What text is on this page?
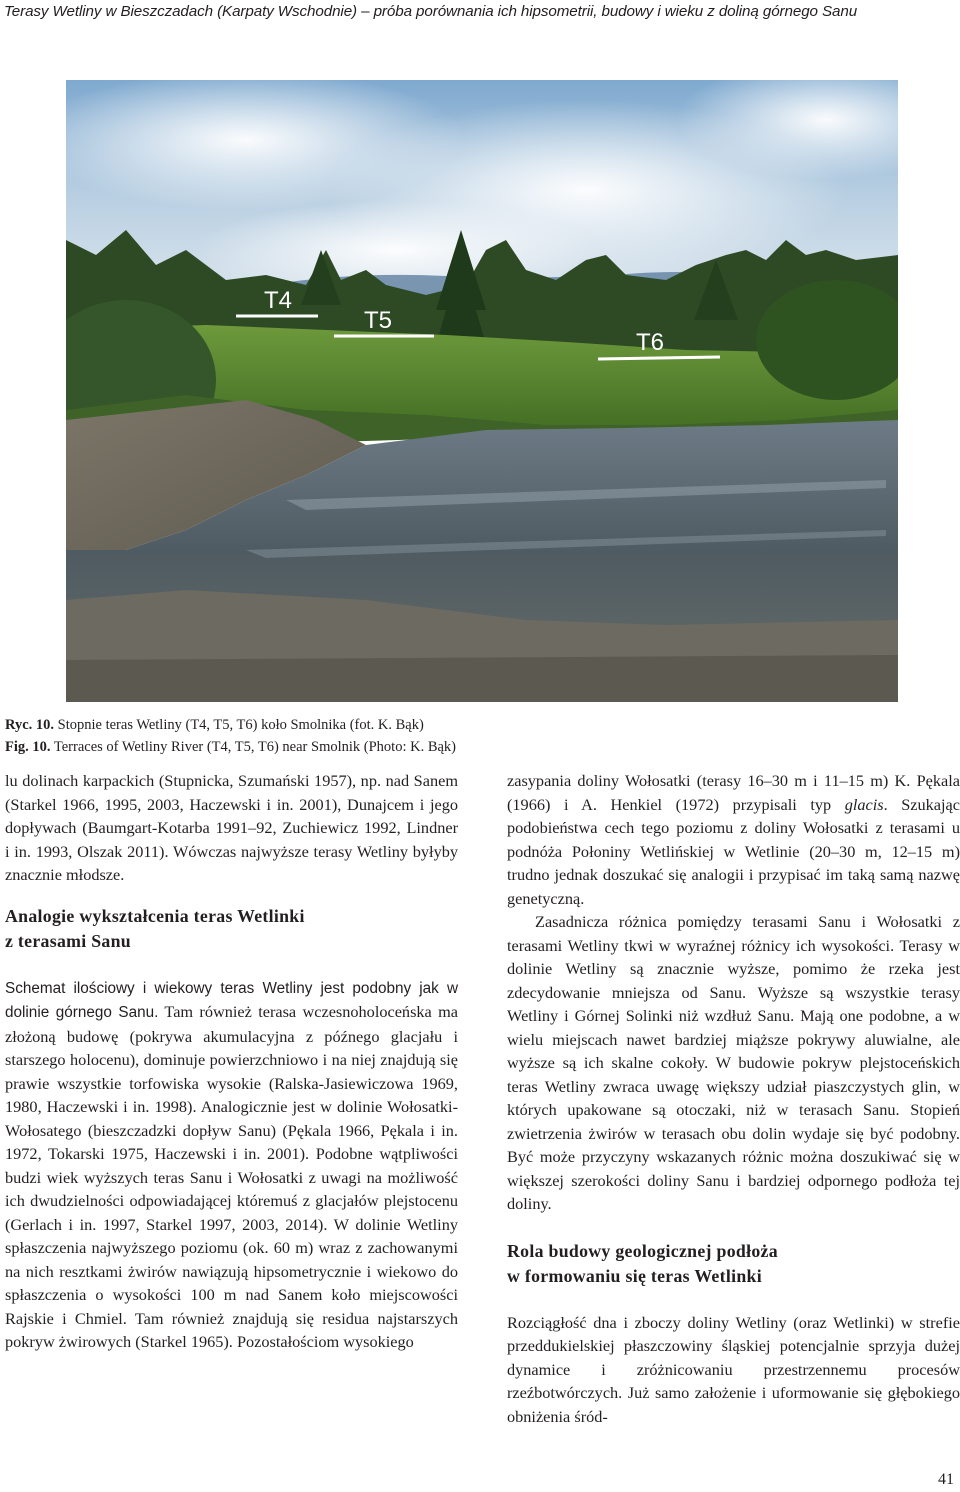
Terasy Wetliny w Bieszczadach (Karpaty Wschodnie) – próba porównania ich hipsometrii, budowy i wieku z doliną górnego Sanu
T4
T5
T6
Ryc. 10. Stopnie teras Wetliny (T4, T5, T6) koło Smolnika (fot. K. Bąk)
Fig. 10. Terraces of Wetliny River (T4, T5, T6) near Smolnik (Photo: K. Bąk)

lu dolinach karpackich (Stupnicka, Szumański 1957), np. nad Sanem (Starkel 1966, 1995, 2003, Haczewski i in. 2001), Dunajcem i jego dopływach (Baumgart-Kotarba 1991–92, Zuchiewicz 1992, Lindner i in. 1993, Olszak 2011). Wówczas najwyższe terasy Wetliny byłyby znacznie młodsze.

Analogie wykształcenia teras Wetlinki
z terasami Sanu

Schemat ilościowy i wiekowy teras Wetliny jest podobny jak w dolinie górnego Sanu. Tam również terasa wczesnoholoceńska ma złożoną budowę (pokrywa akumulacyjna z późnego glacjału i starszego holocenu), dominuje powierzchniowo i na niej znajdują się prawie wszystkie torfowiska wysokie (Ralska-Jasiewiczowa 1969, 1980, Haczewski i in. 1998). Analogicznie jest w dolinie Wołosatki-Wołosatego (bieszczadzki dopływ Sanu) (Pękala 1966, Pękala i in. 1972, Tokarski 1975, Haczewski i in. 2001). Podobne wątpliwości budzi wiek wyższych teras Sanu i Wołosatki z uwagi na możliwość ich dwudzielności odpowiadającej któremuś z glacjałów plejstocenu (Gerlach i in. 1997, Starkel 1997, 2003, 2014). W dolinie Wetliny spłaszczenia najwyższego poziomu (ok. 60 m) wraz z zachowanymi na nich resztkami żwirów nawiązują hipsometrycznie i wiekowo do spłaszczenia o wysokości 100 m nad Sanem koło miejscowości Rajskie i Chmiel. Tam również znajdują się residua najstarszych pokryw żwirowych (Starkel 1965). Pozostałościom wysokiego

zasypania doliny Wołosatki (terasy 16–30 m i 11–15 m) K. Pękala (1966) i A. Henkiel (1972) przypisali typ glacis. Szukając podobieństwa cech tego poziomu z doliny Wołosatki z terasami u podnóża Połoniny Wetlińskiej w Wetlinie (20–30 m, 12–15 m) trudno jednak doszukać się analogii i przypisać im taką samą nazwę genetyczną.

Zasadnicza różnica pomiędzy terasami Sanu i Wołosatki z terasami Wetliny tkwi w wyraźnej różnicy ich wysokości. Terasy w dolinie Wetliny są znacznie wyższe, pomimo że rzeka jest zdecydowanie mniejsza od Sanu. Wyższe są wszystkie terasy Wetliny i Górnej Solinki niż wzdłuż Sanu. Mają one podobne, a w wielu miejscach nawet bardziej miąższe pokrywy aluwialne, ale wyższe są ich skalne cokoły. W budowie pokryw plejstoceńskich teras Wetliny zwraca uwagę większy udział piaszczystych glin, w których upakowane są otoczaki, niż w terasach Sanu. Stopień zwietrzenia żwirów w terasach obu dolin wydaje się być podobny. Być może przyczyny wskazanych różnic można doszukiwać się w większej szerokości doliny Sanu i bardziej odpornego podłoża tej doliny.

Rola budowy geologicznej podłoża
w formowaniu się teras Wetlinki

Rozciągłość dna i zboczy doliny Wetliny (oraz Wetlinki) w strefie przeddukielskiej płaszczowiny śląskiej potencjalnie sprzyja dużej dynamice i zróżnicowaniu przestrzennemu procesów rzeźbotwórczych. Już samo założenie i uformowanie się głębokiego obniżenia śród-

41
